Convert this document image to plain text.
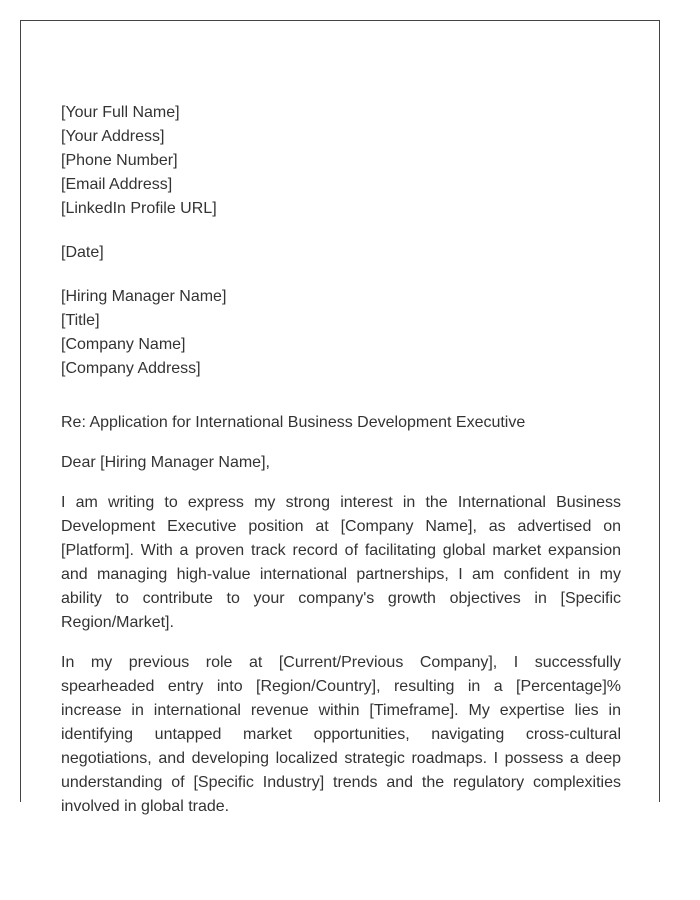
[Your Full Name]
[Your Address]
[Phone Number]
[Email Address]
[LinkedIn Profile URL]
[Date]
[Hiring Manager Name]
[Title]
[Company Name]
[Company Address]

Re: Application for International Business Development Executive

Dear [Hiring Manager Name],

I am writing to express my strong interest in the International Business Development Executive position at [Company Name], as advertised on [Platform]. With a proven track record of facilitating global market expansion and managing high-value international partnerships, I am confident in my ability to contribute to your company's growth objectives in [Specific Region/Market].

In my previous role at [Current/Previous Company], I successfully spearheaded entry into [Region/Country], resulting in a [Percentage]% increase in international revenue within [Timeframe]. My expertise lies in identifying untapped market opportunities, navigating cross-cultural negotiations, and developing localized strategic roadmaps. I possess a deep understanding of [Specific Industry] trends and the regulatory complexities involved in global trade.
